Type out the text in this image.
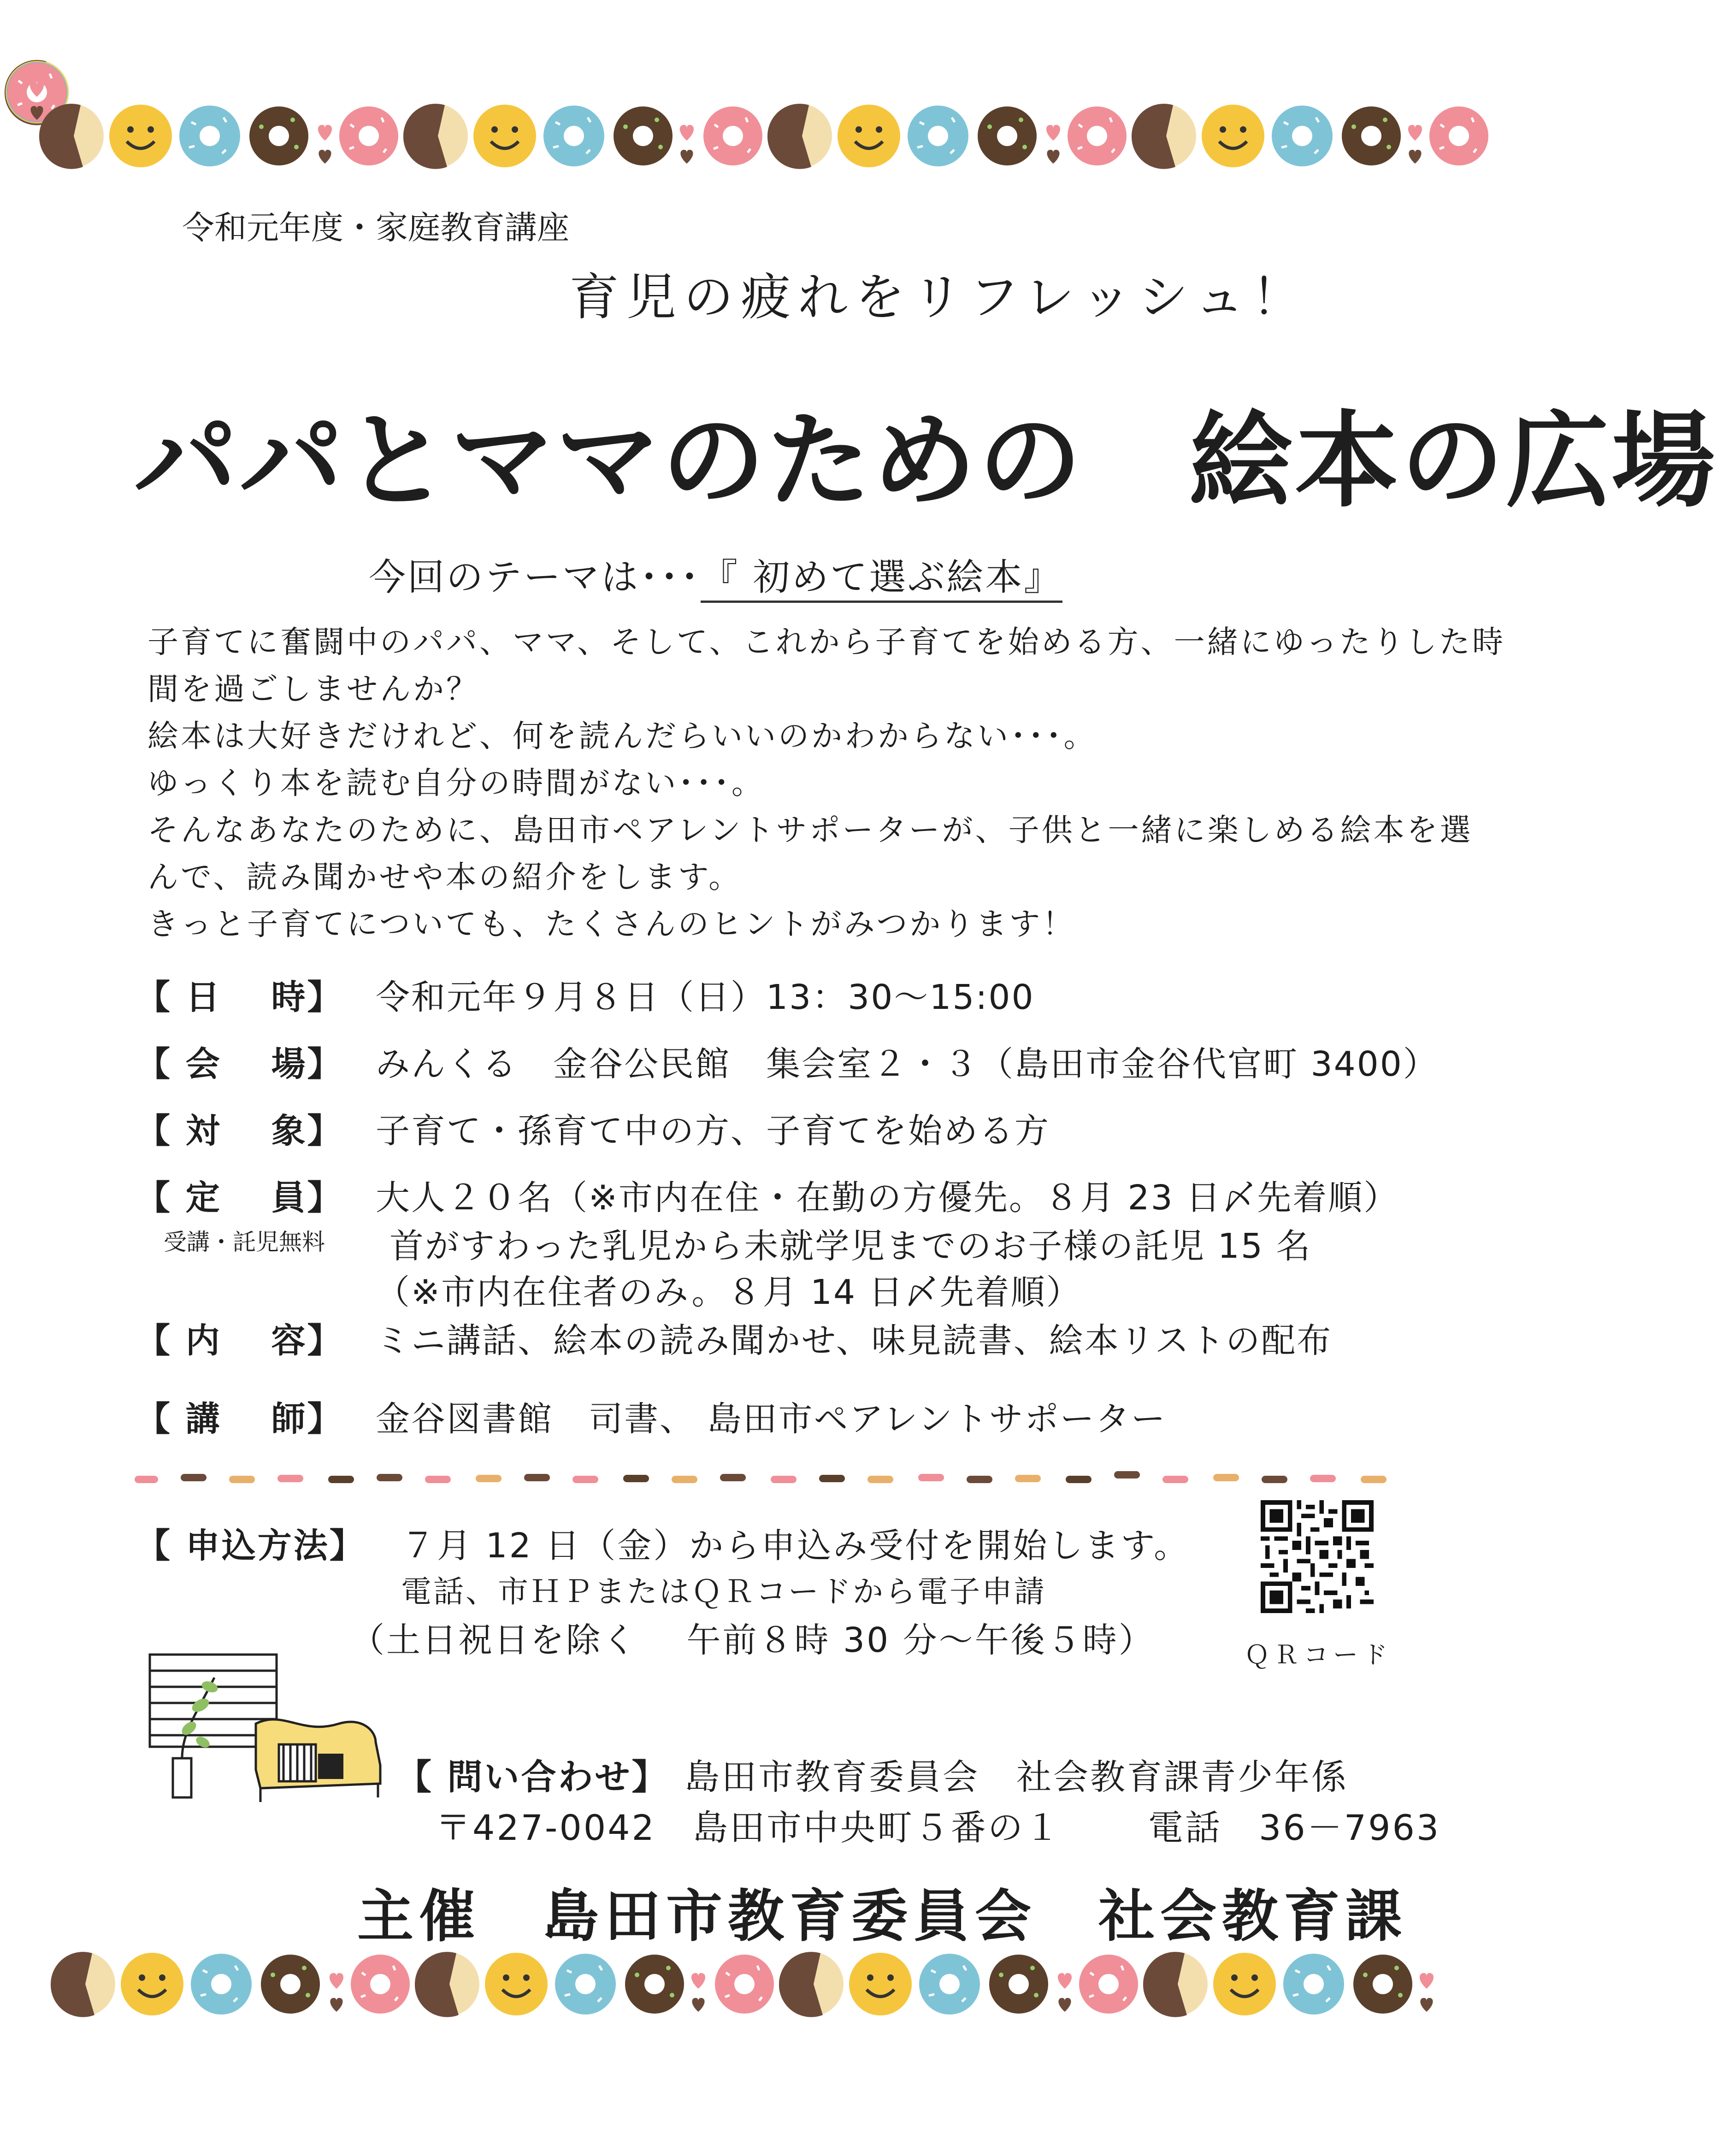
令和元年度・家庭教育講座
育児の疲れをリフレッシュ！
パパとママのための　絵本の広場
今回のテーマは･･･『 初めて選ぶ絵本』
子育てに奮闘中のパパ、ママ、そして、これから子育てを始める方、一緒にゆったりした時
間を過ごしませんか？
絵本は大好きだけれど、何を読んだらいいのかわからない･･･。
ゆっくり本を読む自分の時間がない･･･。
そんなあなたのために、島田市ペアレントサポーターが、子供と一緒に楽しめる絵本を選
んで、読み聞かせや本の紹介をします。
きっと子育てについても、たくさんのヒントがみつかります！
【 日　 時】 令和元年９月８日（日）13：30～15:00
【 会　 場】 みんくる　金谷公民館　集会室２・３（島田市金谷代官町 3400）
【 対　 象】 子育て・孫育て中の方、子育てを始める方
【 定　 員】 大人２０名（※市内在住・在勤の方優先。８月 23 日〆先着順）
受講・託児無料 首がすわった乳児から未就学児までのお子様の託児 15 名
（※市内在住者のみ。８月 14 日〆先着順）
【 内　 容】 ミニ講話、絵本の読み聞かせ、味見読書、絵本リストの配布
【 講　 師】 金谷図書館　司書、 島田市ペアレントサポーター
【 申込方法】 ７月 12 日（金）から申込み受付を開始します。
電話、市ＨＰまたはＱＲコードから電子申請
（土日祝日を除く　 午前８時 30 分～午後５時）	ＱＲコード
【 問い合わせ】 島田市教育委員会　社会教育課青少年係
〒427-0042　島田市中央町５番の１　　 電話　36－7963
主催　島田市教育委員会　社会教育課
